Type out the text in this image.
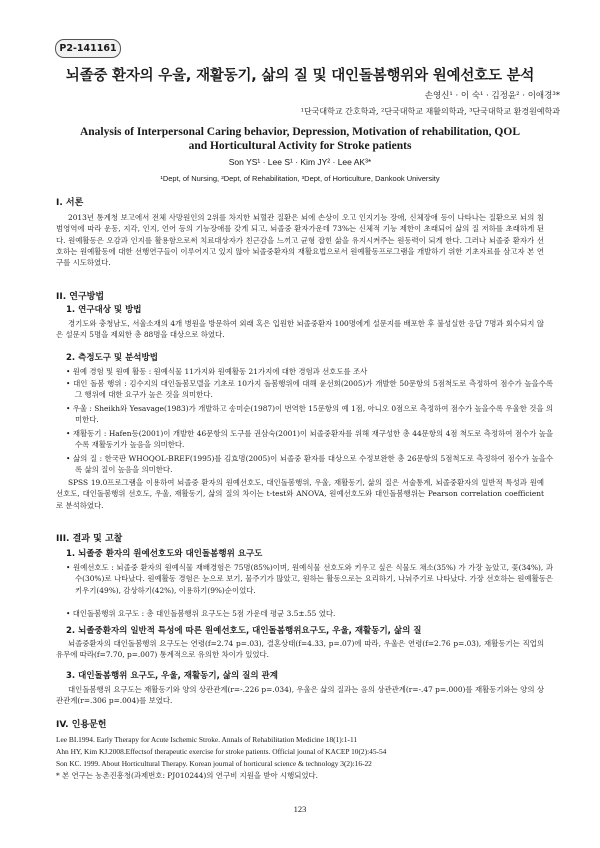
P2-141161
뇌졸중 환자의 우울, 재활동기, 삶의 질 및 대인돌봄행위와 원예선호도 분석
손영신¹ · 이 숙¹ · 김정윤² · 이애경³*
¹단국대학교 간호학과, ²단국대학교 재활의학과, ³단국대학교 환경원예학과
Analysis of Interpersonal Caring behavior, Depression, Motivation of rehabilitation, QOL
and Horticultural Activity for Stroke patients
Son YS¹ · Lee S¹ · Kim JY² · Lee AK³*
¹Dept, of Nursing, ²Dept, of Rehabilitation, ³Dept, of Horticulture, Dankook University
I. 서론
2013년 통계청 보고에서 전체 사망원인의 2위를 차지한 뇌혈관 질환은 뇌에 손상이 오고 인지기능 장애, 신체장애 등이 나타나는 질환으로 뇌의 침범영역에 따라 운동, 지각, 인지, 언어 등의 기능장애를 갖게 되고, 뇌졸중 환자가운데 73%는 신체적 기능 제한이 초래되어 삶의 질 저하를 초래하게 된다. 원예활동은 오감과 인지를 활용함으로써 치료대상자가 친근감을 느끼고 균형 잡힌 삶을 유지시켜주는 원동력이 되게 한다. 그러나 뇌졸중 환자가 선호하는 원예활동에 대한 선행연구들이 이루어지고 있지 않아 뇌졸중환자의 재활요법으로서 원예활동프로그램을 개발하기 위한 기초자료를 삼고자 본 연구를 시도하였다.
II. 연구방법
1. 연구대상 및 방법
경기도와 충청남도, 서울소재의 4개 병원을 방문하여 외래 혹은 입원한 뇌졸중환자 100명에게 설문지를 배포한 후 불성실한 응답 7명과 회수되지 않은 설문지 5명을 제외한 총 88명을 대상으로 하였다.
2. 측정도구 및 분석방법
• 원예 경험 및 원예 활동 : 원예식물 11가지와 원예활동 21가지에 대한 경험과 선호도를 조사
• 대인 돌봄 행위 : 김수지의 대인돌봄모델을 기초로 10가지 돌봄행위에 대해 윤선희(2005)가 개발한 50문항의 5점척도로 측정하여 점수가 높을수록 그 행위에 대한 요구가 높은 것을 의미한다.
• 우울 : Sheikh와 Yesavage(1983)가 개발하고 송미순(1987)이 번역한 15문항의 예 1점, 아니오 0점으로 측정하여 점수가 높을수록 우울한 것을 의미한다.
• 재활동기 : Hafen등(2001)이 개발한 46문항의 도구를 권삼숙(2001)이 뇌졸중환자를 위해 재구성한 총 44문항의 4점 척도로 측정하여 점수가 높을수록 재활동기가 높음을 의미한다.
• 삶의 질 : 한국판 WHOQOL-BREF(1995)를 김효명(2005)이 뇌졸중 환자를 대상으로 수정보완한 총 26문항의 5점척도로 측정하여 점수가 높을수록 삶의 질이 높음을 의미한다.
SPSS 19.0프로그램을 이용하여 뇌졸중 환자의 원예선호도, 대인돌봄행위, 우울, 재활동기, 삶의 질은 서술통계, 뇌졸중환자의 일반적 특성과 원예선호도, 대인돌봄행위 선호도, 우울, 재활동기, 삶의 질의 차이는 t-test와 ANOVA, 원예선호도와 대인돌봄행위는 Pearson correlation coefficient로 분석하였다.
III. 결과 및 고찰
1. 뇌졸중 환자의 원예선호도와 대인돌봄행위 요구도
• 원예선호도 : 뇌졸중 환자의 원예식물 재배경험은 75명(85%)이며, 원예식물 선호도와 키우고 싶은 식물도 채소(35%) 가 가장 높았고, 꽃(34%), 과수(30%)로 나타났다. 원예활동 경험은 눈으로 보기, 물주기가 많았고, 원하는 활동으로는 요리하기, 나눠주기로 나타났다. 가장 선호하는 원예활동은 키우기(49%), 감상하기(42%), 이용하기(9%)순이었다.
• 대인돌봄행위 요구도 : 총 대인돌봄행위 요구도는 5점 가운데 평균 3.5±.55 였다.
2. 뇌졸중환자의 일반적 특성에 따른 원예선호도, 대인돌봄행위요구도, 우울, 재활동기, 삶의 질
뇌졸중환자의 대인돌봄행위 요구도는 연령(f=2.74 p=.03), 결혼상태(f=4.33, p=.07)에 따라, 우울은 연령(f=2.76 p=.03), 재활동기는 직업의 유무에 따라(f=7.70, p=.007) 통계적으로 유의한 차이가 있었다.
3. 대인돌봄행위 요구도, 우울, 재활동기, 삶의 질의 관계
대인돌봄행위 요구도는 재활동기와 양의 상관관계(r=-.226 p=.034), 우울은 삶의 질과는 음의 상관관계(r=-.47 p=.000)를 재활동기와는 양의 상관관계(r=.306 p=.004)를 보였다.
IV. 인용문헌
Lee BI.1994. Early Therapy for Acute Ischemic Stroke. Annals of Rehabilitation Medicine 18(1):1-11
Ahn HY, Kim KJ.2008.Effectsof therapeutic exercise for stroke patients. Official jounal of KACEP 10(2):45-54
Son KC. 1999. About Horticultural Therapy. Korean journal of horticural science & technology 3(2):16-22
* 본 연구는 농촌진흥청(과제번호: PJ010244)의 연구비 지원을 받아 시행되었다.
123
